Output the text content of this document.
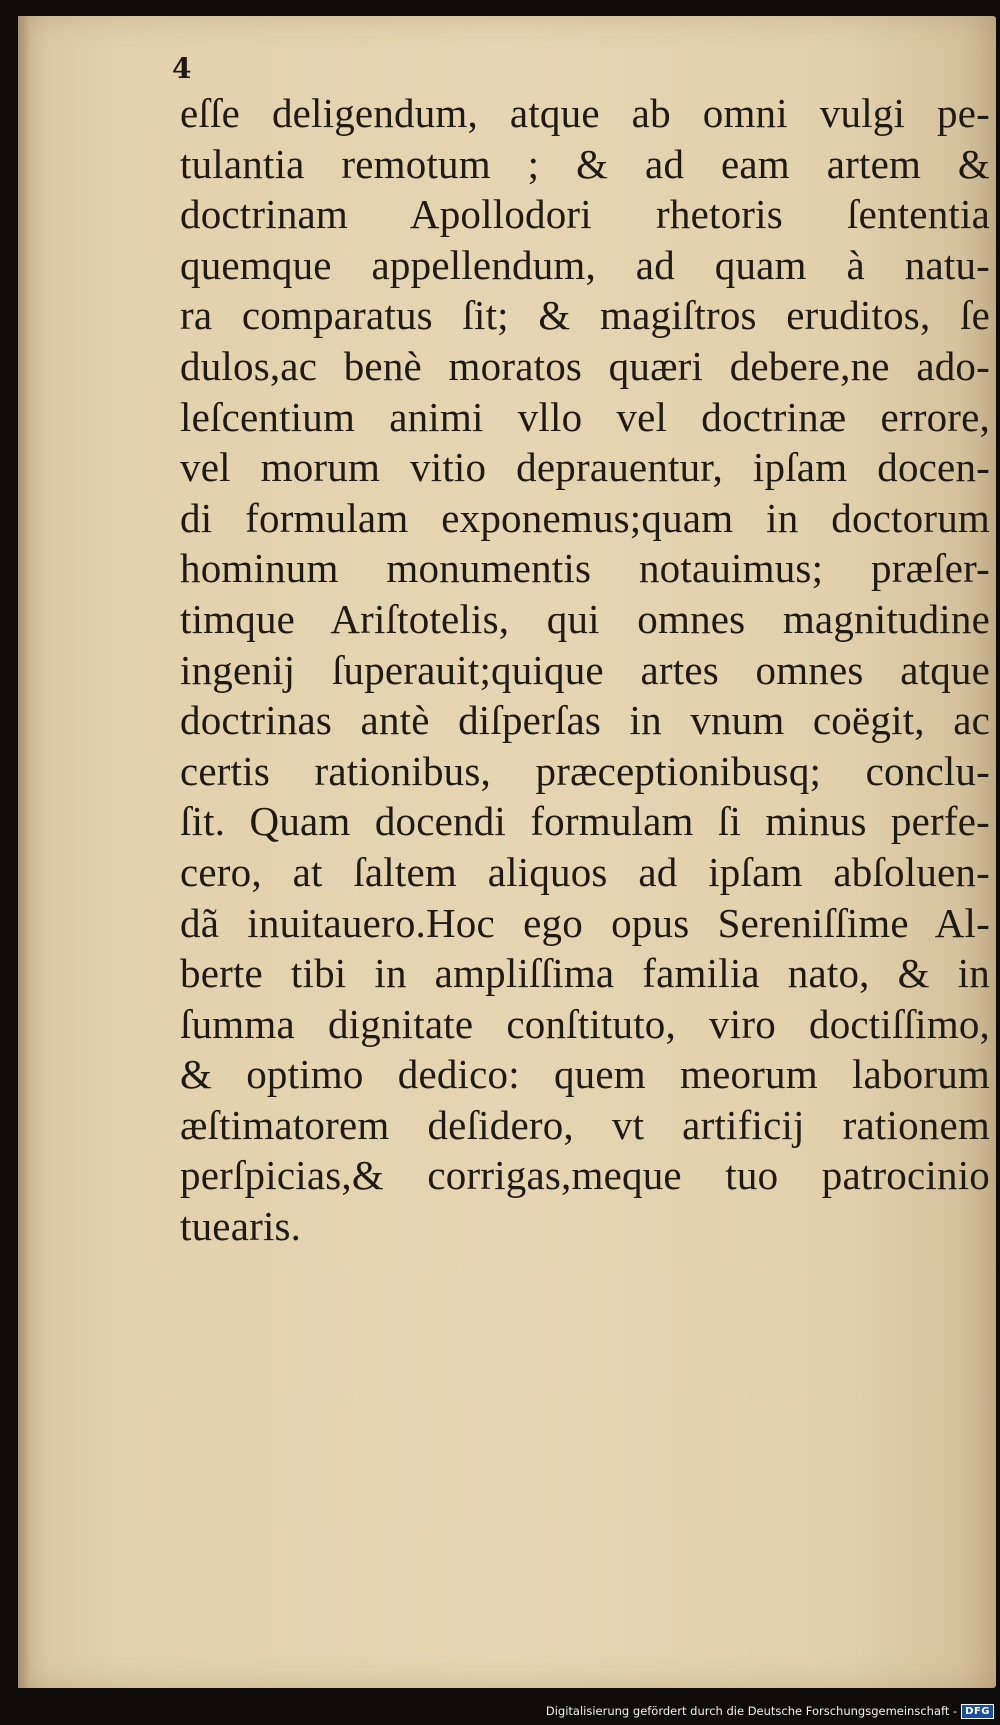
4
eſſe deligendum, atque ab omni vulgi pe-
tulantia remotum ; & ad eam artem &
doctrinam Apollodori rhetoris ſententia
quemque appellendum, ad quam à natu-
ra comparatus ſit; & magiſtros eruditos, ſe
dulos,ac benè moratos quæri debere,ne ado-
leſcentium animi vllo vel doctrinæ errore,
vel morum vitio deprauentur, ipſam docen-
di formulam exponemus;quam in doctorum
hominum monumentis notauimus; præſer-
timque Ariſtotelis, qui omnes magnitudine
ingenij ſuperauit;quique artes omnes atque
doctrinas antè diſperſas in vnum coëgit, ac
certis rationibus, præceptionibusq; conclu-
ſit. Quam docendi formulam ſi minus perfe-
cero, at ſaltem aliquos ad ipſam abſoluen-
dã inuitauero.Hoc ego opus Sereniſſime Al-
berte tibi in ampliſſima familia nato, & in
ſumma dignitate conſtituto, viro doctiſſimo,
& optimo dedico: quem meorum laborum
æſtimatorem deſidero, vt artificij rationem
perſpicias,& corrigas,meque tuo patrocinio
tuearis.
Digitalisierung gefördert durch die Deutsche Forschungsgemeinschaft - DFG
